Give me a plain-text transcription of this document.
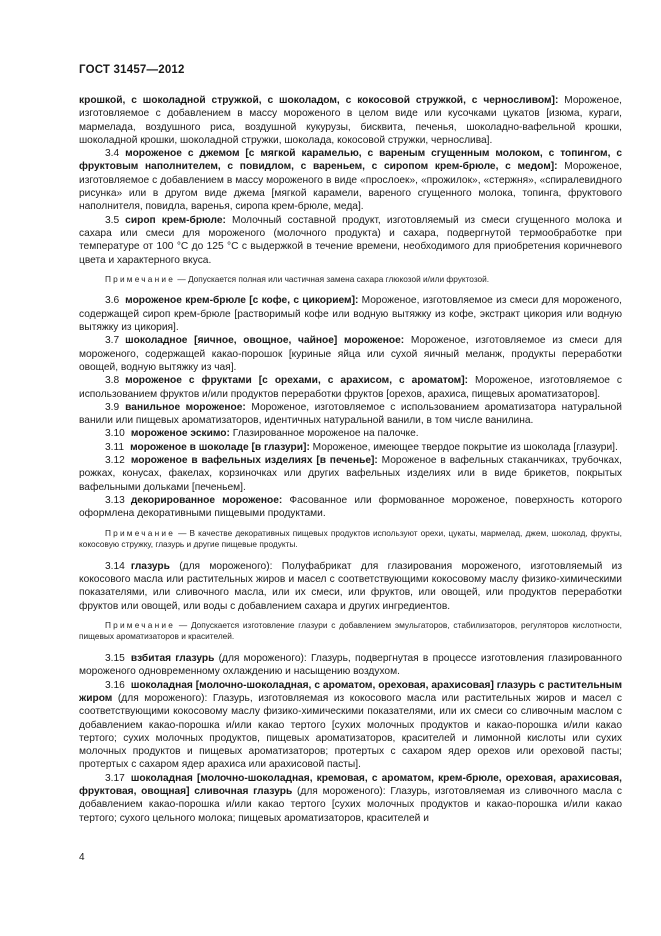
ГОСТ 31457—2012

крошкой, с шоколадной стружкой, с шоколадом, с кокосовой стружкой, с черносливом]: Мороженое, изготовляемое с добавлением в массу мороженого в целом виде или кусочками цукатов [изюма, кураги, мармелада, воздушного риса, воздушной кукурузы, бисквита, печенья, шоколадно-вафельной крошки, шоколадной крошки, шоколадной стружки, шоколада, кокосовой стружки, чернослива].

3.4 мороженое с джемом [с мягкой карамелью, с вареным сгущенным молоком, с топингом, с фруктовым наполнителем, с повидлом, с вареньем, с сиропом крем-брюле, с медом]: Мороженое, изготовляемое с добавлением в массу мороженого в виде «прослоек», «прожилок», «стержня», «спиралевидного рисунка» или в другом виде джема [мягкой карамели, вареного сгущенного молока, топинга, фруктового наполнителя, повидла, варенья, сиропа крем-брюле, меда].

3.5 сироп крем-брюле: Молочный составной продукт, изготовляемый из смеси сгущенного молока и сахара или смеси для мороженого (молочного продукта) и сахара, подвергнутой термообработке при температуре от 100 °С до 125 °С с выдержкой в течение времени, необходимого для приобретения коричневого цвета и характерного вкуса.

Примечание — Допускается полная или частичная замена сахара глюкозой и/или фруктозой.

3.6 мороженое крем-брюле [с кофе, с цикорием]: Мороженое, изготовляемое из смеси для мороженого, содержащей сироп крем-брюле [растворимый кофе или водную вытяжку из кофе, экстракт цикория или водную вытяжку из цикория].

3.7 шоколадное [яичное, овощное, чайное] мороженое: Мороженое, изготовляемое из смеси для мороженого, содержащей какао-порошок [куриные яйца или сухой яичный меланж, продукты переработки овощей, водную вытяжку из чая].

3.8 мороженое с фруктами [с орехами, с арахисом, с ароматом]: Мороженое, изготовляемое с использованием фруктов и/или продуктов переработки фруктов [орехов, арахиса, пищевых ароматизаторов].

3.9 ванильное мороженое: Мороженое, изготовляемое с использованием ароматизатора натуральной ванили или пищевых ароматизаторов, идентичных натуральной ванили, в том числе ванилина.

3.10 мороженое эскимо: Глазированное мороженое на палочке.

3.11 мороженое в шоколаде [в глазури]: Мороженое, имеющее твердое покрытие из шоколада [глазури].

3.12 мороженое в вафельных изделиях [в печенье]: Мороженое в вафельных стаканчиках, трубочках, рожках, конусах, факелах, корзиночках или других вафельных изделиях или в виде брикетов, покрытых вафельными дольками [печеньем].

3.13 декорированное мороженое: Фасованное или формованное мороженое, поверхность которого оформлена декоративными пищевыми продуктами.

Примечание — В качестве декоративных пищевых продуктов используют орехи, цукаты, мармелад, джем, шоколад, фрукты, кокосовую стружку, глазурь и другие пищевые продукты.

3.14 глазурь (для мороженого): Полуфабрикат для глазирования мороженого, изготовляемый из кокосового масла или растительных жиров и масел с соответствующими кокосовому маслу физико-химическими показателями, или сливочного масла, или их смеси, или фруктов, или овощей, или продуктов переработки фруктов или овощей, или воды с добавлением сахара и других ингредиентов.

Примечание — Допускается изготовление глазури с добавлением эмульгаторов, стабилизаторов, регуляторов кислотности, пищевых ароматизаторов и красителей.

3.15 взбитая глазурь (для мороженого): Глазурь, подвергнутая в процессе изготовления глазированного мороженого одновременному охлаждению и насыщению воздухом.

3.16 шоколадная [молочно-шоколадная, с ароматом, ореховая, арахисовая] глазурь с растительным жиром (для мороженого): Глазурь, изготовляемая из кокосового масла или растительных жиров и масел с соответствующими кокосовому маслу физико-химическими показателями, или их смеси со сливочным маслом с добавлением какао-порошка и/или какао тертого [сухих молочных продуктов и какао-порошка и/или какао тертого; сухих молочных продуктов, пищевых ароматизаторов, красителей и лимонной кислоты или сухих молочных продуктов и пищевых ароматизаторов; протертых с сахаром ядер орехов или ореховой пасты; протертых с сахаром ядер арахиса или арахисовой пасты].

3.17 шоколадная [молочно-шоколадная, кремовая, с ароматом, крем-брюле, ореховая, арахисовая, фруктовая, овощная] сливочная глазурь (для мороженого): Глазурь, изготовляемая из сливочного масла с добавлением какао-порошка и/или какао тертого [сухих молочных продуктов и какао-порошка и/или какао тертого; сухого цельного молока; пищевых ароматизаторов, красителей и

4
